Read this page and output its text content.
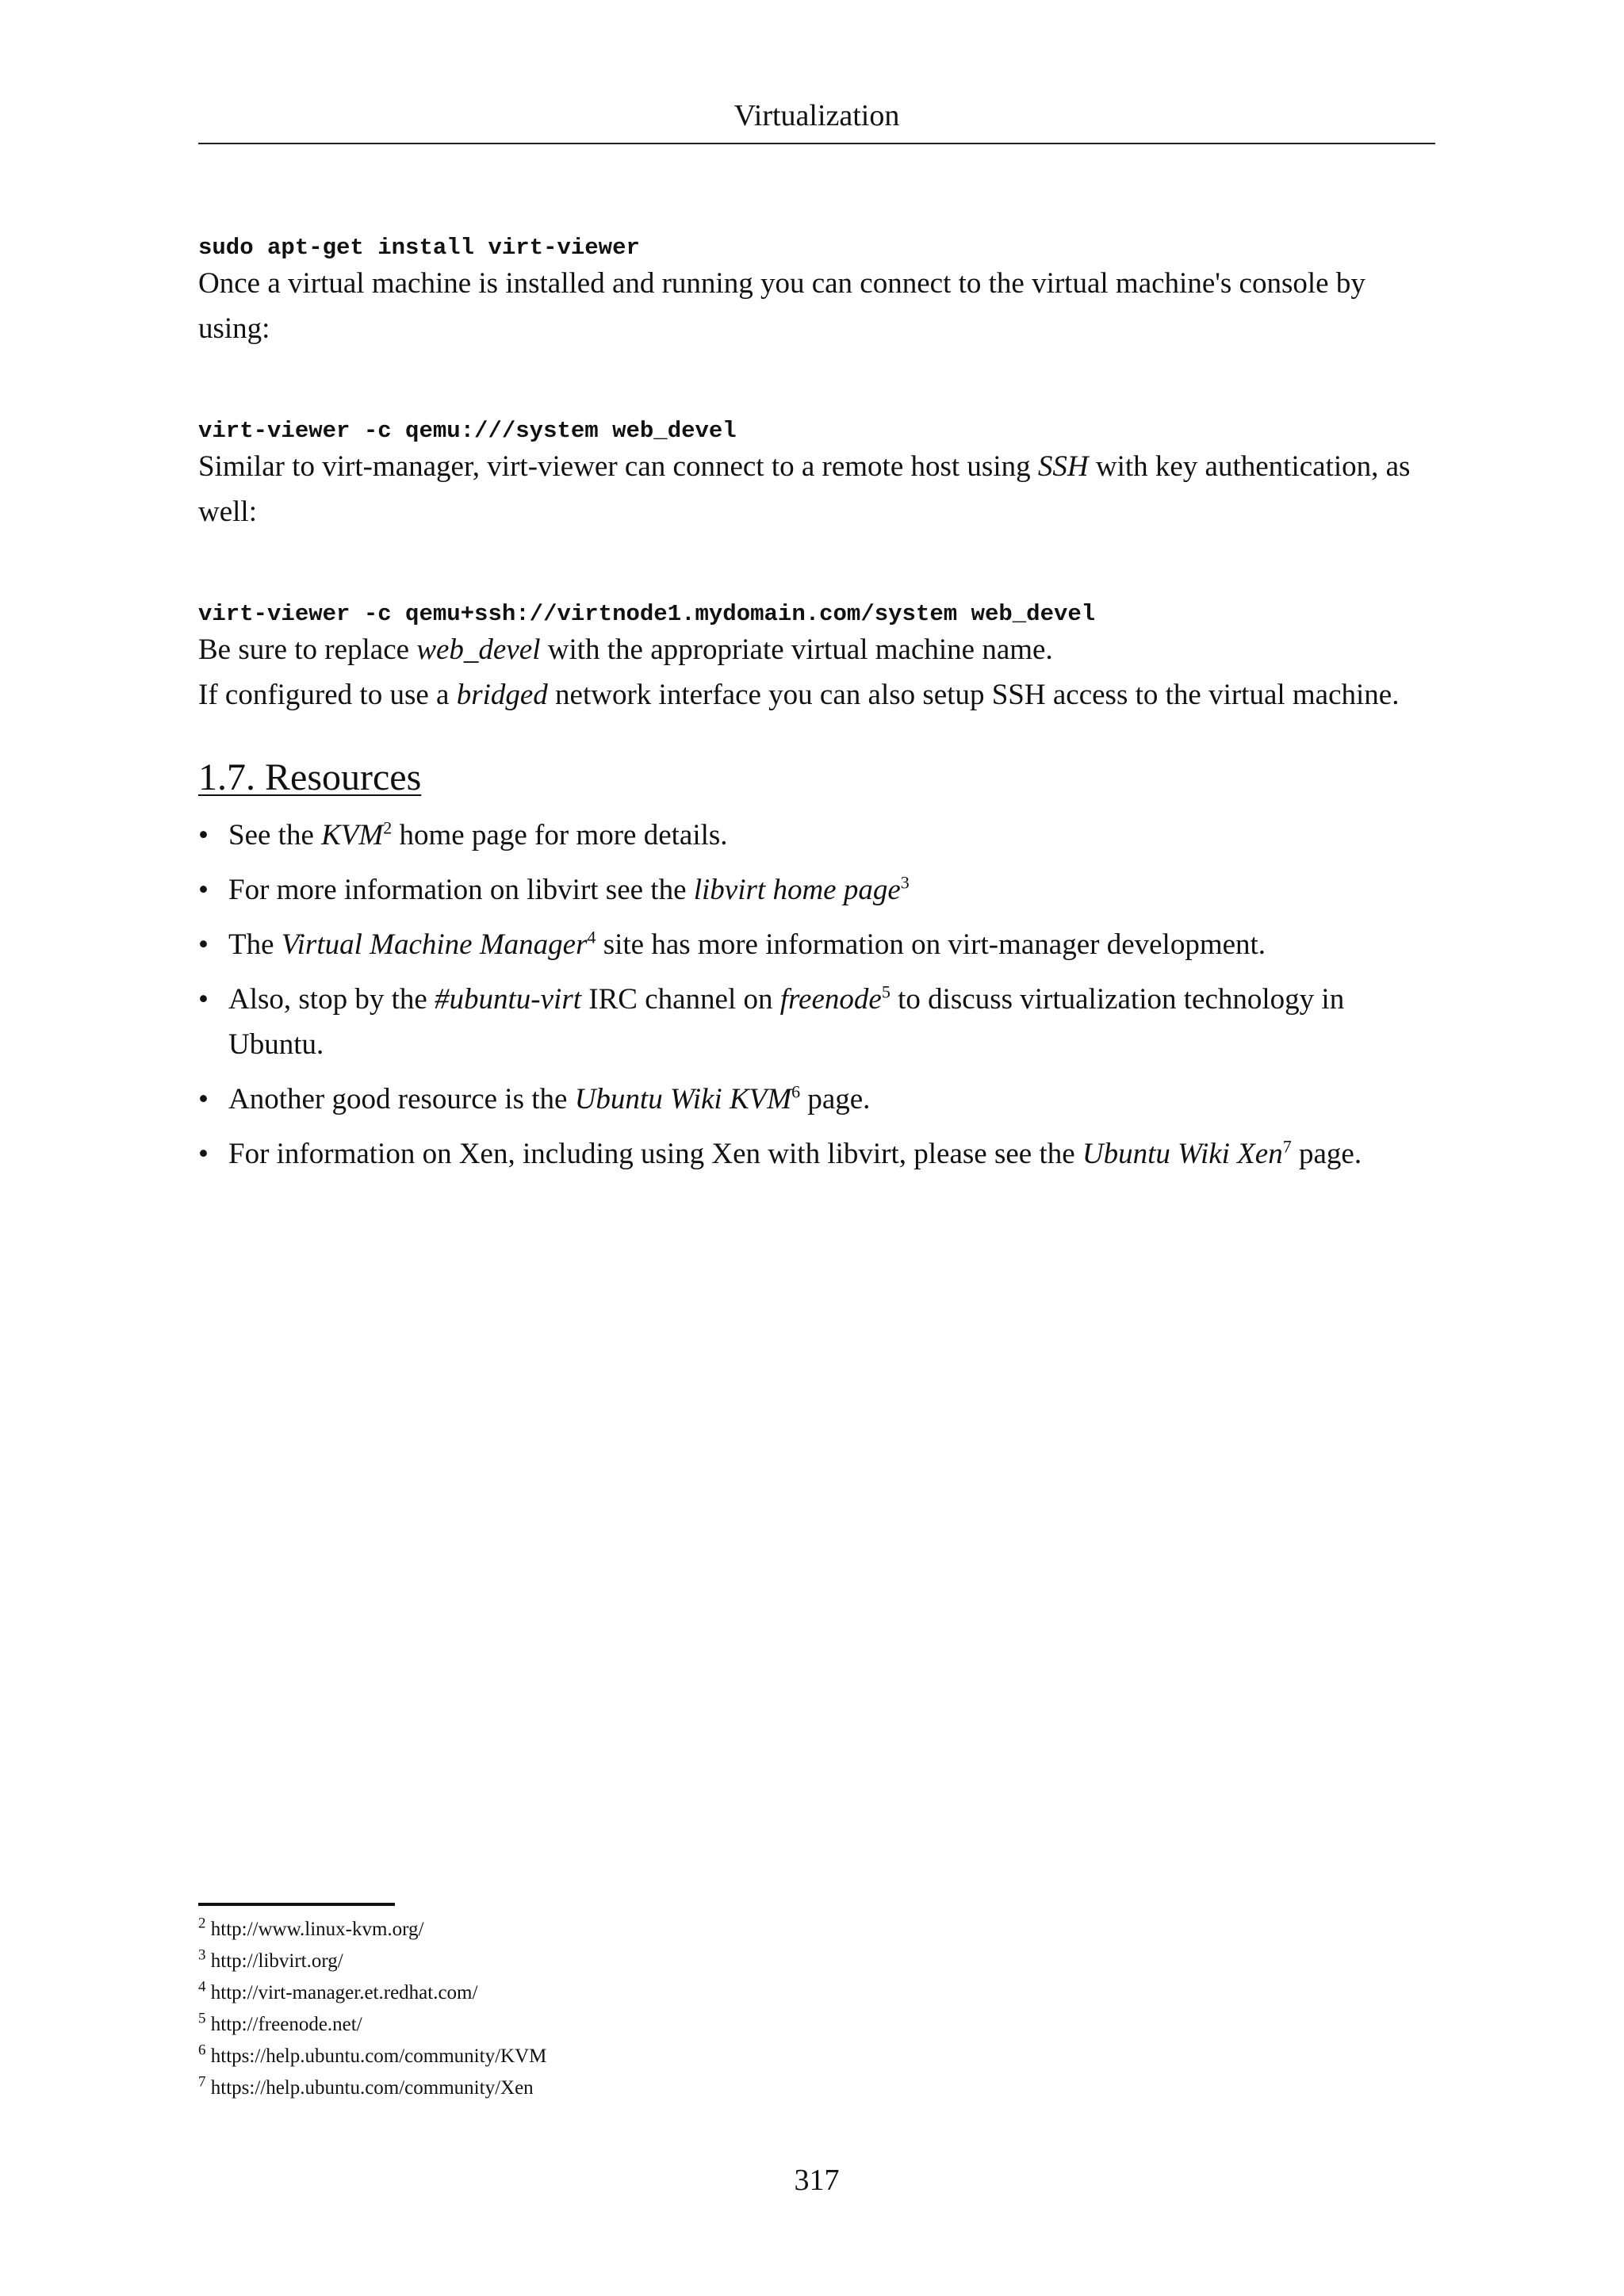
Virtualization
sudo apt-get install virt-viewer

Once a virtual machine is installed and running you can connect to the virtual machine's console by using:

virt-viewer -c qemu:///system web_devel

Similar to virt-manager, virt-viewer can connect to a remote host using SSH with key authentication, as well:

virt-viewer -c qemu+ssh://virtnode1.mydomain.com/system web_devel

Be sure to replace web_devel with the appropriate virtual machine name.

If configured to use a bridged network interface you can also setup SSH access to the virtual machine.

1.7. Resources
• See the KVM$^2$ home page for more details.
• For more information on libvirt see the libvirt home page$^3$
• The Virtual Machine Manager$^4$ site has more information on virt-manager development.
• Also, stop by the #ubuntu-virt IRC channel on freenode$^5$ to discuss virtualization technology in Ubuntu.
• Another good resource is the Ubuntu Wiki KVM$^6$ page.
• For information on Xen, including using Xen with libvirt, please see the Ubuntu Wiki Xen$^7$ page.
$^2$ http://www.linux-kvm.org/
$^3$ http://libvirt.org/
$^4$ http://virt-manager.et.redhat.com/
$^5$ http://freenode.net/
$^6$ https://help.ubuntu.com/community/KVM
$^7$ https://help.ubuntu.com/community/Xen
317
